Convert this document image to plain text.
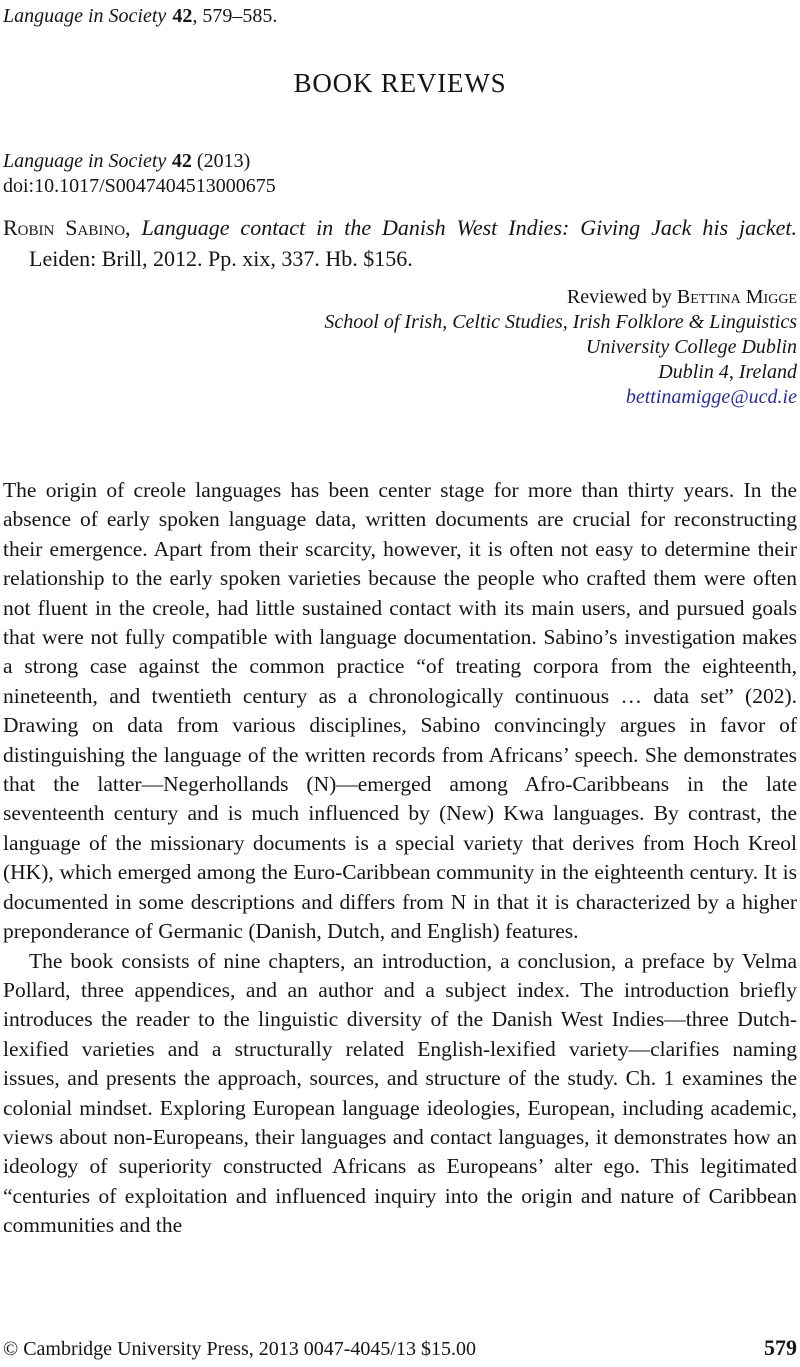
Language in Society 42, 579–585.
BOOK REVIEWS
Language in Society 42 (2013)
doi:10.1017/S0047404513000675
Robin Sabino, Language contact in the Danish West Indies: Giving Jack his jacket. Leiden: Brill, 2012. Pp. xix, 337. Hb. $156.
Reviewed by Bettina Migge
School of Irish, Celtic Studies, Irish Folklore & Linguistics
University College Dublin
Dublin 4, Ireland
bettinamigge@ucd.ie

The origin of creole languages has been center stage for more than thirty years. In the absence of early spoken language data, written documents are crucial for reconstructing their emergence. Apart from their scarcity, however, it is often not easy to determine their relationship to the early spoken varieties because the people who crafted them were often not fluent in the creole, had little sustained contact with its main users, and pursued goals that were not fully compatible with language documentation. Sabino’s investigation makes a strong case against the common practice “of treating corpora from the eighteenth, nineteenth, and twentieth century as a chronologically continuous … data set” (202). Drawing on data from various disciplines, Sabino convincingly argues in favor of distinguishing the language of the written records from Africans’ speech. She demonstrates that the latter—Negerhollands (N)—emerged among Afro-Caribbeans in the late seventeenth century and is much influenced by (New) Kwa languages. By contrast, the language of the missionary documents is a special variety that derives from Hoch Kreol (HK), which emerged among the Euro-Caribbean community in the eighteenth century. It is documented in some descriptions and differs from N in that it is characterized by a higher preponderance of Germanic (Danish, Dutch, and English) features.

The book consists of nine chapters, an introduction, a conclusion, a preface by Velma Pollard, three appendices, and an author and a subject index. The introduction briefly introduces the reader to the linguistic diversity of the Danish West Indies—three Dutch-lexified varieties and a structurally related English-lexified variety—clarifies naming issues, and presents the approach, sources, and structure of the study. Ch. 1 examines the colonial mindset. Exploring European language ideologies, European, including academic, views about non-Europeans, their languages and contact languages, it demonstrates how an ideology of superiority constructed Africans as Europeans’ alter ego. This legitimated “centuries of exploitation and influenced inquiry into the origin and nature of Caribbean communities and the

© Cambridge University Press, 2013 0047-4045/13 $15.00	579
